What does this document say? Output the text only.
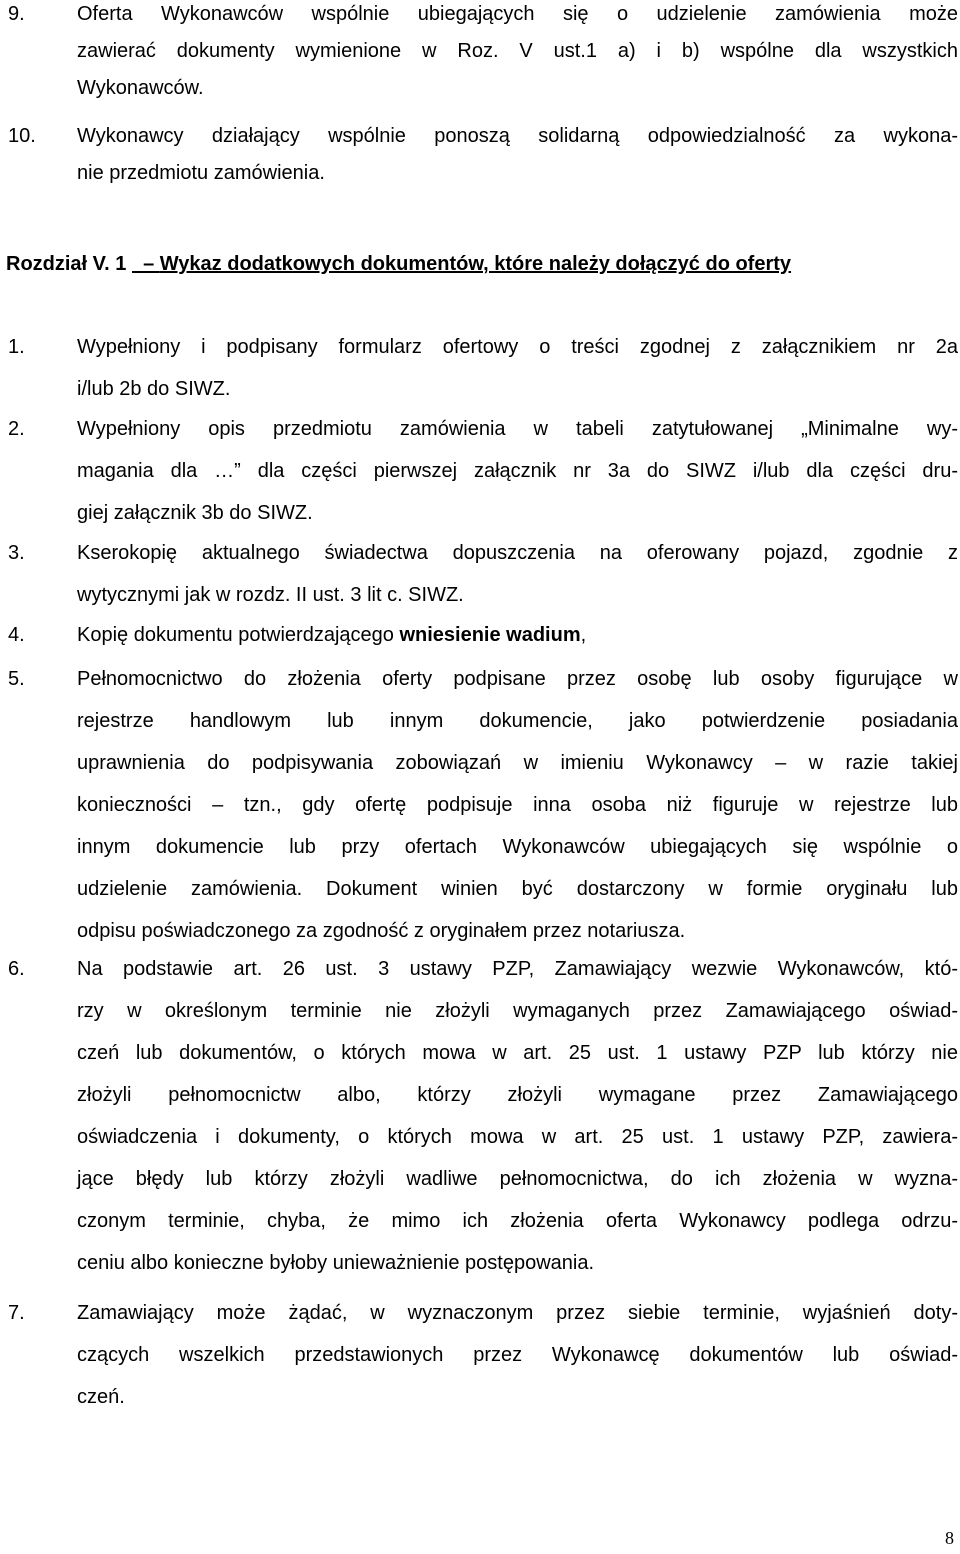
9.	Oferta Wykonawców wspólnie ubiegających się o udzielenie zamówienia może
zawierać dokumenty wymienione w Roz. V ust.1 a) i b) wspólne dla wszystkich
Wykonawców.
10. Wykonawcy działający wspólnie ponoszą solidarną odpowiedzialność za wykona-
nie przedmiotu zamówienia.
Rozdział V. 1   – Wykaz dodatkowych dokumentów, które należy dołączyć do oferty
1.	Wypełniony i podpisany formularz ofertowy o treści zgodnej z załącznikiem nr 2a
i/lub 2b do SIWZ.
2.	Wypełniony opis przedmiotu zamówienia w tabeli zatytułowanej „Minimalne wy-
magania dla …” dla części pierwszej załącznik nr 3a do SIWZ i/lub dla części dru-
giej załącznik 3b do SIWZ.
3.	Kserokopię aktualnego świadectwa dopuszczenia na oferowany pojazd, zgodnie z
wytycznymi jak w rozdz. II ust. 3 lit c. SIWZ.
4.	Kopię dokumentu potwierdzającego wniesienie wadium,
5.	Pełnomocnictwo do złożenia oferty podpisane przez osobę lub osoby figurujące w
rejestrze handlowym lub innym dokumencie, jako potwierdzenie posiadania
uprawnienia do podpisywania zobowiązań w imieniu Wykonawcy – w razie takiej
konieczności – tzn., gdy ofertę podpisuje inna osoba niż figuruje w rejestrze lub
innym dokumencie lub przy ofertach Wykonawców ubiegających się wspólnie o
udzielenie zamówienia. Dokument winien być dostarczony w formie oryginału lub
odpisu poświadczonego za zgodność z oryginałem przez notariusza.
6.	Na podstawie art. 26 ust. 3 ustawy PZP, Zamawiający wezwie Wykonawców, któ-
rzy w określonym terminie nie złożyli wymaganych przez Zamawiającego oświad-
czeń lub dokumentów, o których mowa w art. 25 ust. 1 ustawy PZP lub którzy nie
złożyli pełnomocnictw albo, którzy złożyli wymagane przez Zamawiającego
oświadczenia i dokumenty, o których mowa w art. 25 ust. 1 ustawy PZP, zawiera-
jące błędy lub którzy złożyli wadliwe pełnomocnictwa, do ich złożenia w wyzna-
czonym terminie, chyba, że mimo ich złożenia oferta Wykonawcy podlega odrzu-
ceniu albo konieczne byłoby unieważnienie postępowania.
7.	Zamawiający może żądać, w wyznaczonym przez siebie terminie, wyjaśnień doty-
czących wszelkich przedstawionych przez Wykonawcę dokumentów lub oświad-
czeń.
8
